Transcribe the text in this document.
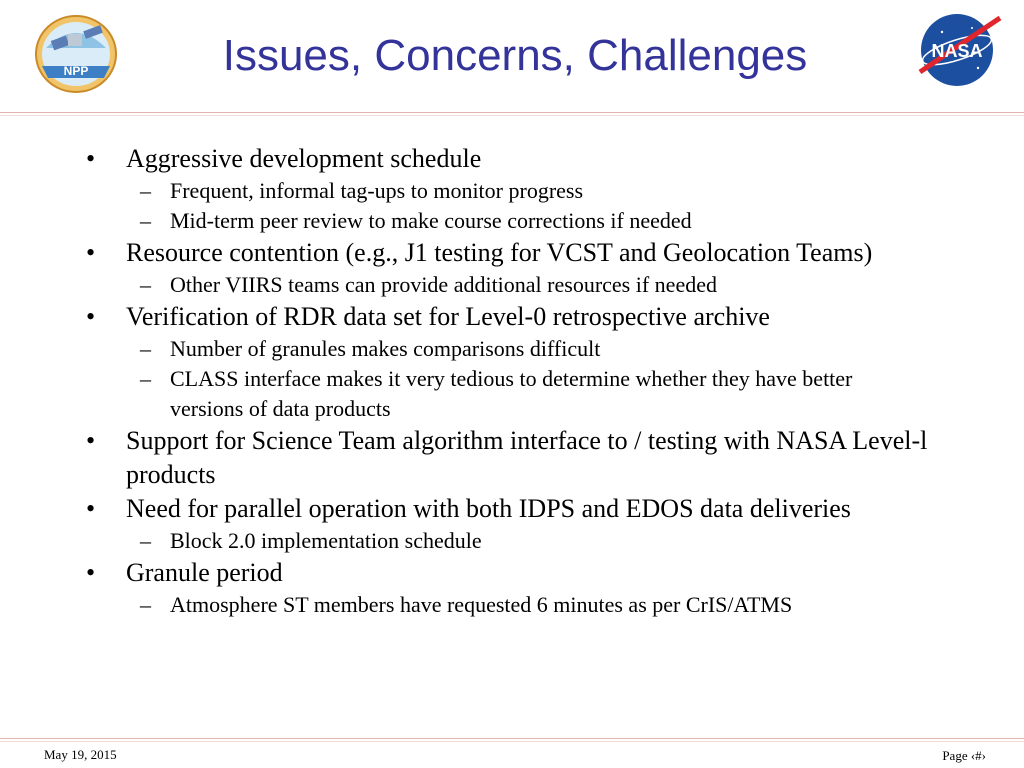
NPP	Issues, Concerns, Challenges	NASA
• Aggressive development schedule
– Frequent, informal tag-ups to monitor progress
– Mid-term peer review to make course corrections if needed
• Resource contention (e.g., J1 testing for VCST and Geolocation Teams)
– Other VIIRS teams can provide additional resources if needed
• Verification of RDR data set for Level-0 retrospective archive
– Number of granules makes comparisons difficult
– CLASS interface makes it very tedious to determine whether they have better versions of data products
• Support for Science Team algorithm interface to / testing with NASA Level-l products
• Need for parallel operation with both IDPS and EDOS data deliveries
– Block 2.0 implementation schedule
• Granule period
– Atmosphere ST members have requested 6 minutes as per CrIS/ATMS
May 19, 2015	Page ‹#›
